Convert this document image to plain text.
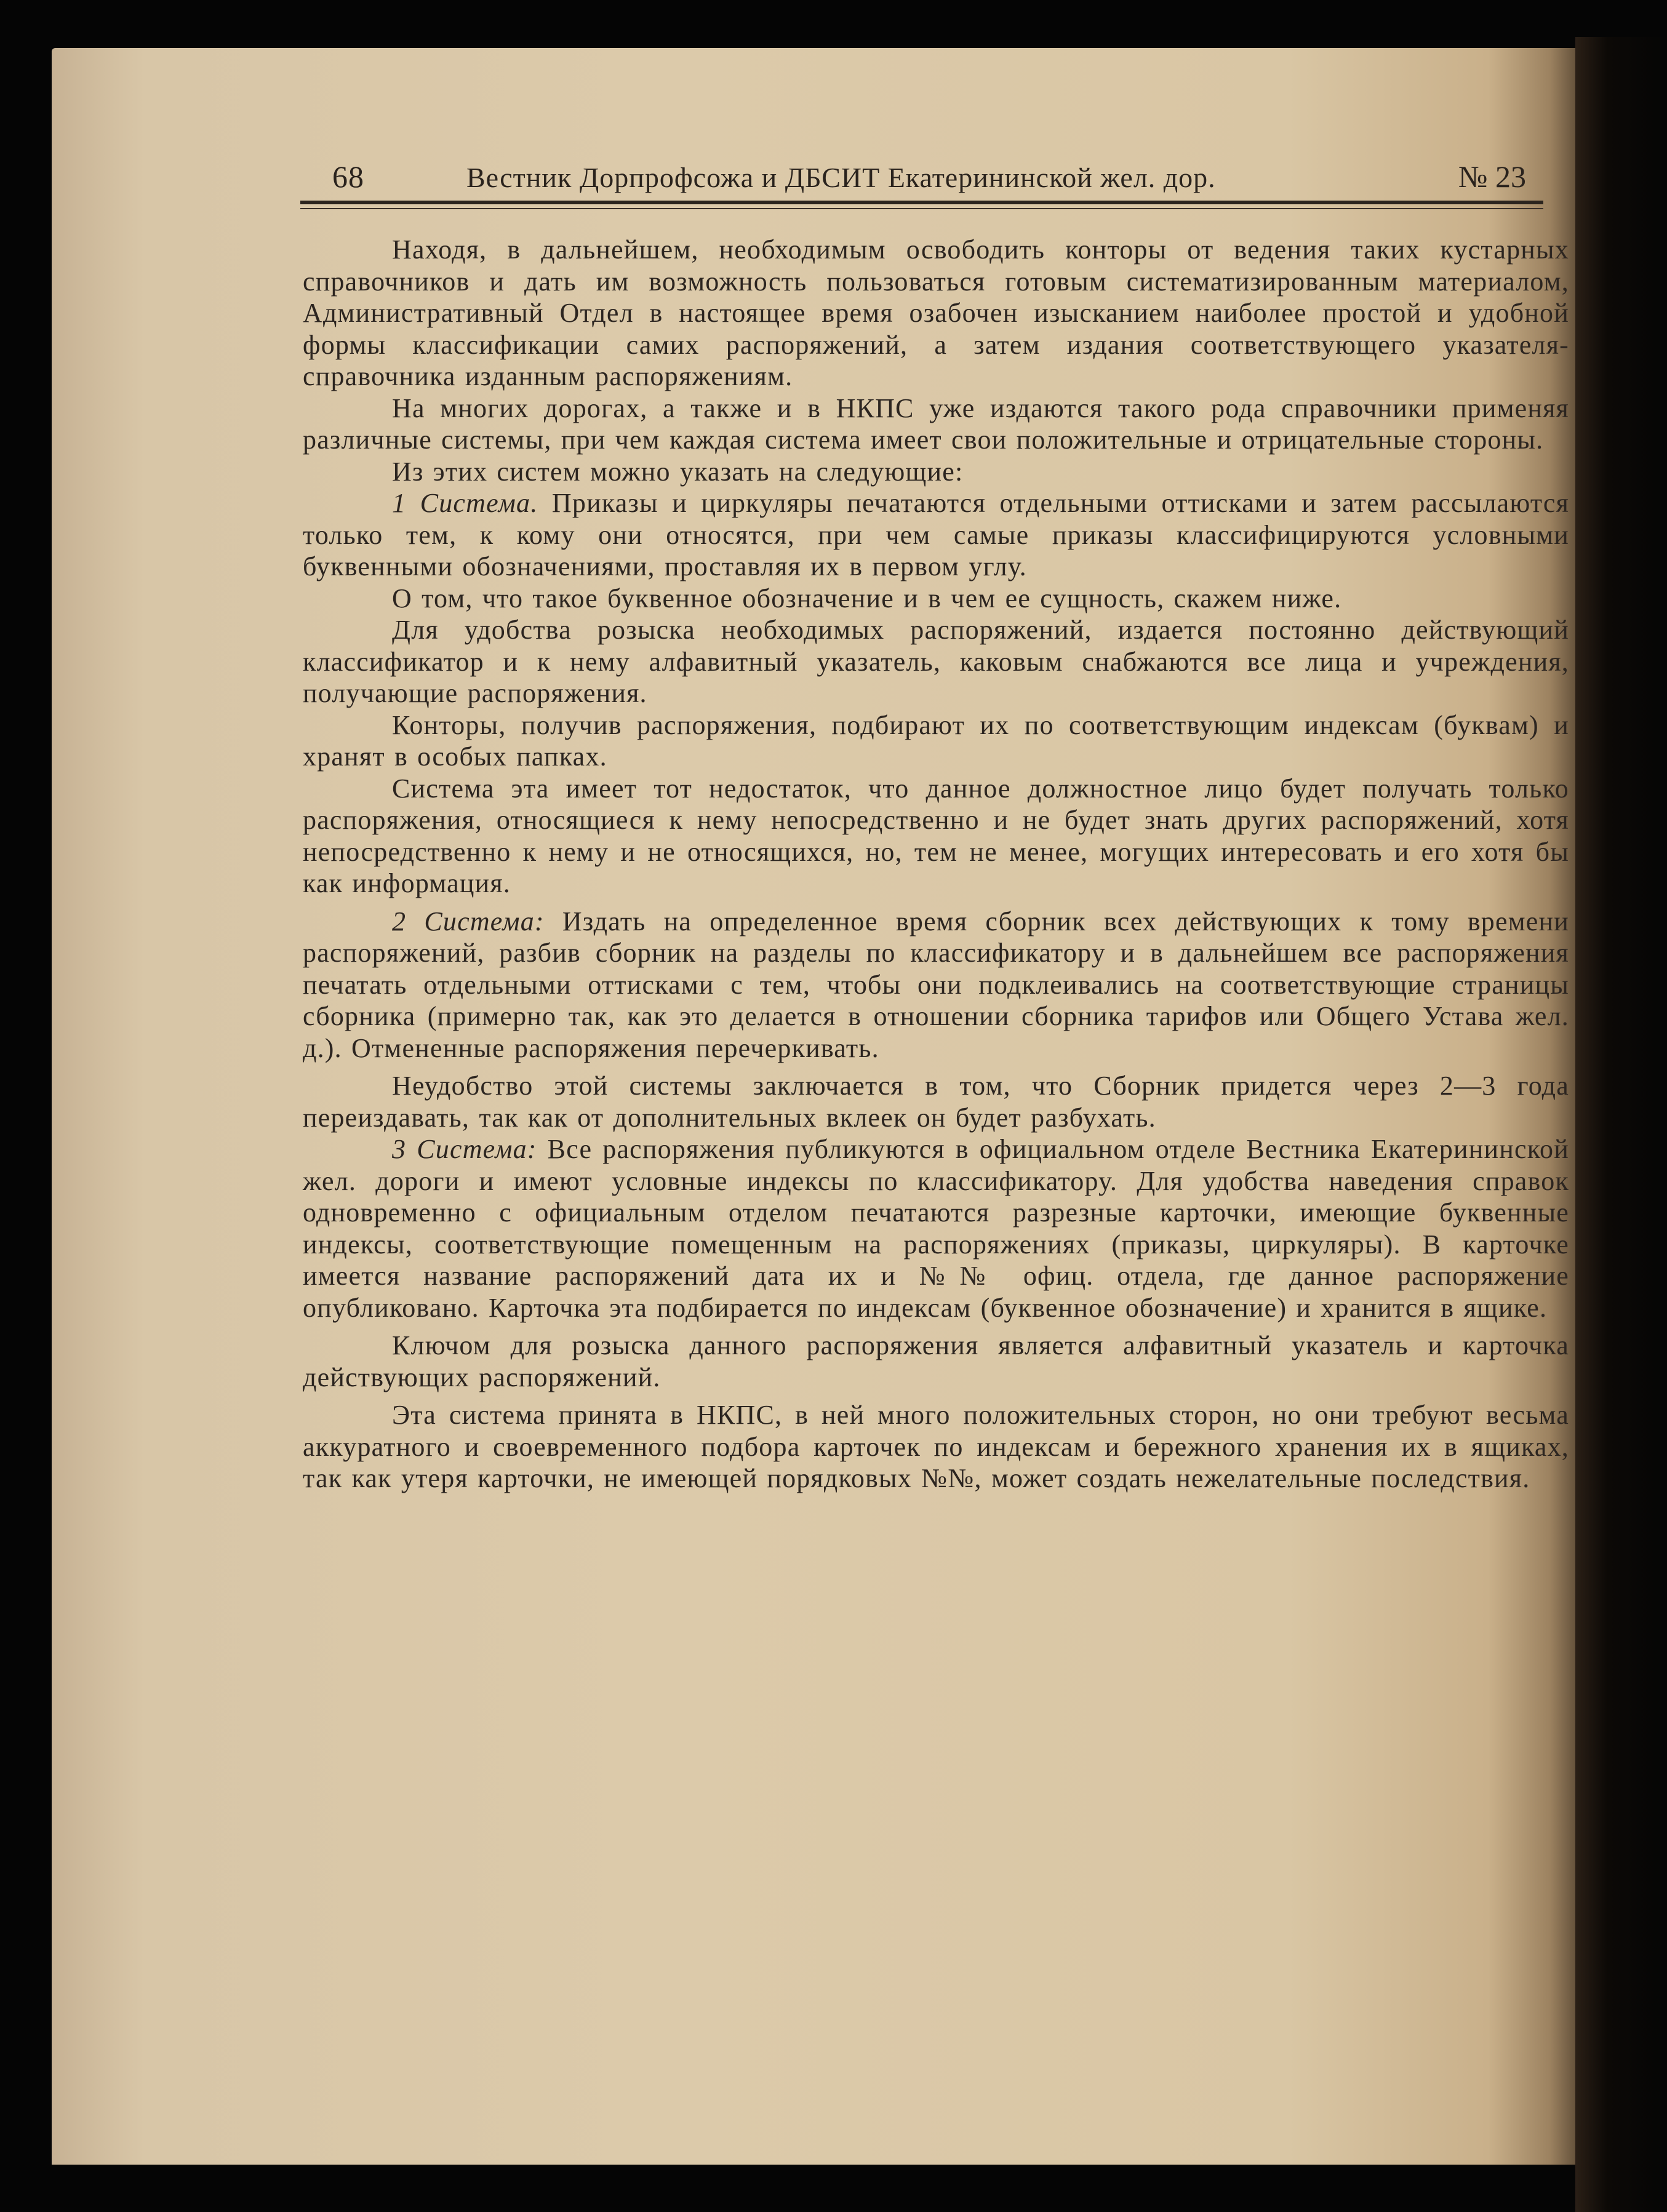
68	Вестник Дорпрофсожа и ДБСИТ Екатерининской жел. дор.	№ 23

Находя, в дальнейшем, необходимым освободить конторы от ведения таких кустарных справочников и дать им возможность пользоваться готовым систематизированным материалом, Административный Отдел в настоящее время озабочен изысканием наиболее простой и удобной формы классификации самих распоряжений, а затем издания соответствующего указателя-справочника изданным распоряжениям.

На многих дорогах, а также и в НКПС уже издаются такого рода справочники применяя различные системы, при чем каждая система имеет свои положительные и отрицательные стороны.

Из этих систем можно указать на следующие:

1 Система. Приказы и циркуляры печатаются отдельными оттисками и затем рассылаются только тем, к кому они относятся, при чем самые приказы классифицируются условными буквенными обозначениями, проставляя их в первом углу.

О том, что такое буквенное обозначение и в чем ее сущность, скажем ниже.

Для удобства розыска необходимых распоряжений, издается постоянно действующий классификатор и к нему алфавитный указатель, каковым снабжаются все лица и учреждения, получающие распоряжения.

Конторы, получив распоряжения, подбирают их по соответствующим индексам (буквам) и хранят в особых папках.

Система эта имеет тот недостаток, что данное должностное лицо будет получать только распоряжения, относящиеся к нему непосредственно и не будет знать других распоряжений, хотя непосредственно к нему и не относящихся, но, тем не менее, могущих интересовать и его хотя бы как информация.

2 Система: Издать на определенное время сборник всех действующих к тому времени распоряжений, разбив сборник на разделы по классификатору и в дальнейшем все распоряжения печатать отдельными оттисками с тем, чтобы они подклеивались на соответствующие страницы сборника (примерно так, как это делается в отношении сборника тарифов или Общего Устава жел. д.). Отмененные распоряжения перечеркивать.

Неудобство этой системы заключается в том, что Сборник придется через 2—3 года переиздавать, так как от дополнительных вклеек он будет разбухать.

3 Система: Все распоряжения публикуются в официальном отделе Вестника Екатерининской жел. дороги и имеют условные индексы по классификатору. Для удобства наведения справок одновременно с официальным отделом печатаются разрезные карточки, имеющие буквенные индексы, соответствующие помещенным на распоряжениях (приказы, циркуляры). В карточке имеется название распоряжений дата их и №№ офиц. отдела, где данное распоряжение опубликовано. Карточка эта подбирается по индексам (буквенное обозначение) и хранится в ящике.

Ключом для розыска данного распоряжения является алфавитный указатель и карточка действующих распоряжений.

Эта система принята в НКПС, в ней много положительных сторон, но они требуют весьма аккуратного и своевременного подбора карточек по индексам и бережного хранения их в ящиках, так как утеря карточки, не имеющей порядковых №№, может создать нежелательные последствия.
